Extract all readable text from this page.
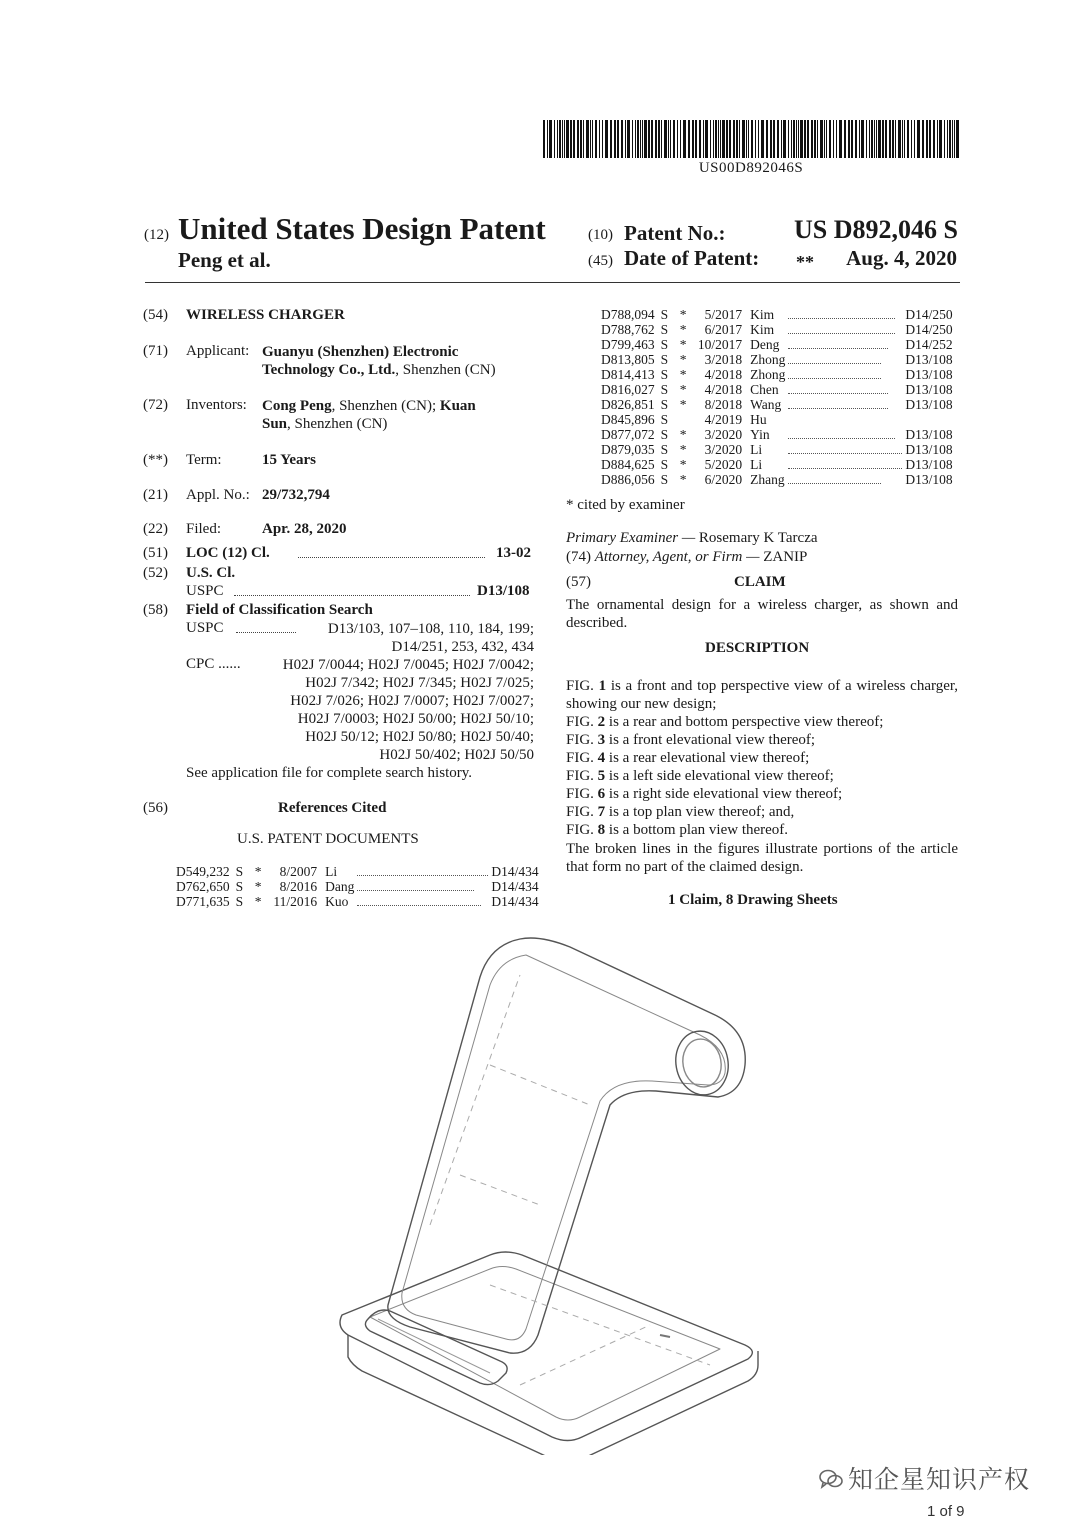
US00D892046S
(12) United States Design Patent
Peng et al.
(10) Patent No.:	US D892,046 S
(45) Date of Patent: ** Aug. 4, 2020
(54) WIRELESS CHARGER
(71) Applicant: Guanyu (Shenzhen) Electronic
Technology Co., Ltd., Shenzhen (CN)
(72) Inventors: Cong Peng, Shenzhen (CN); Kuan
Sun, Shenzhen (CN)
(**) Term:	15 Years
(21) Appl. No.: 29/732,794
(22) Filed:	Apr. 28, 2020
(51) LOC (12) Cl.	13-02
(52) U.S. Cl.
USPC	D13/108
(58) Field of Classification Search
USPC	D13/103, 107–108, 110, 184, 199;
D14/251, 253, 432, 434
CPC ......	H02J 7/0044; H02J 7/0045; H02J 7/0042;
H02J 7/342; H02J 7/345; H02J 7/025;
H02J 7/026; H02J 7/0007; H02J 7/0027;
H02J 7/0003; H02J 50/00; H02J 50/10;
H02J 50/12; H02J 50/80; H02J 50/40;
H02J 50/402; H02J 50/50
See application file for complete search history.
(56)	References Cited
U.S. PATENT DOCUMENTS
D549,232	S	*	8/2007	Li		D14/434
D762,650	S	*	8/2016	Dang		D14/434
D771,635	S	*	11/2016	Kuo		D14/434
D788,094	S	*	5/2017	Kim		D14/250
D788,762	S	*	6/2017	Kim		D14/250
D799,463	S	*	10/2017	Deng		D14/252
D813,805	S	*	3/2018	Zhong		D13/108
D814,413	S	*	4/2018	Zhong		D13/108
D816,027	S	*	4/2018	Chen		D13/108
D826,851	S	*	8/2018	Wang		D13/108
D845,896	S		4/2019	Hu		
D877,072	S	*	3/2020	Yin		D13/108
D879,035	S	*	3/2020	Li		D13/108
D884,625	S	*	5/2020	Li		D13/108
D886,056	S	*	6/2020	Zhang		D13/108
* cited by examiner
Primary Examiner — Rosemary K Tarcza
(74) Attorney, Agent, or Firm — ZANIP
(57)	CLAIM
The ornamental design for a wireless charger, as shown and described.
DESCRIPTION

FIG. 1 is a front and top perspective view of a wireless charger, showing our new design;

FIG. 2 is a rear and bottom perspective view thereof;

FIG. 3 is a front elevational view thereof;

FIG. 4 is a rear elevational view thereof;

FIG. 5 is a left side elevational view thereof;

FIG. 6 is a right side elevational view thereof;

FIG. 7 is a top plan view thereof; and,

FIG. 8 is a bottom plan view thereof.

The broken lines in the figures illustrate portions of the article that form no part of the claimed design.
1 Claim, 8 Drawing Sheets
知企星知识产权
1 of 9
